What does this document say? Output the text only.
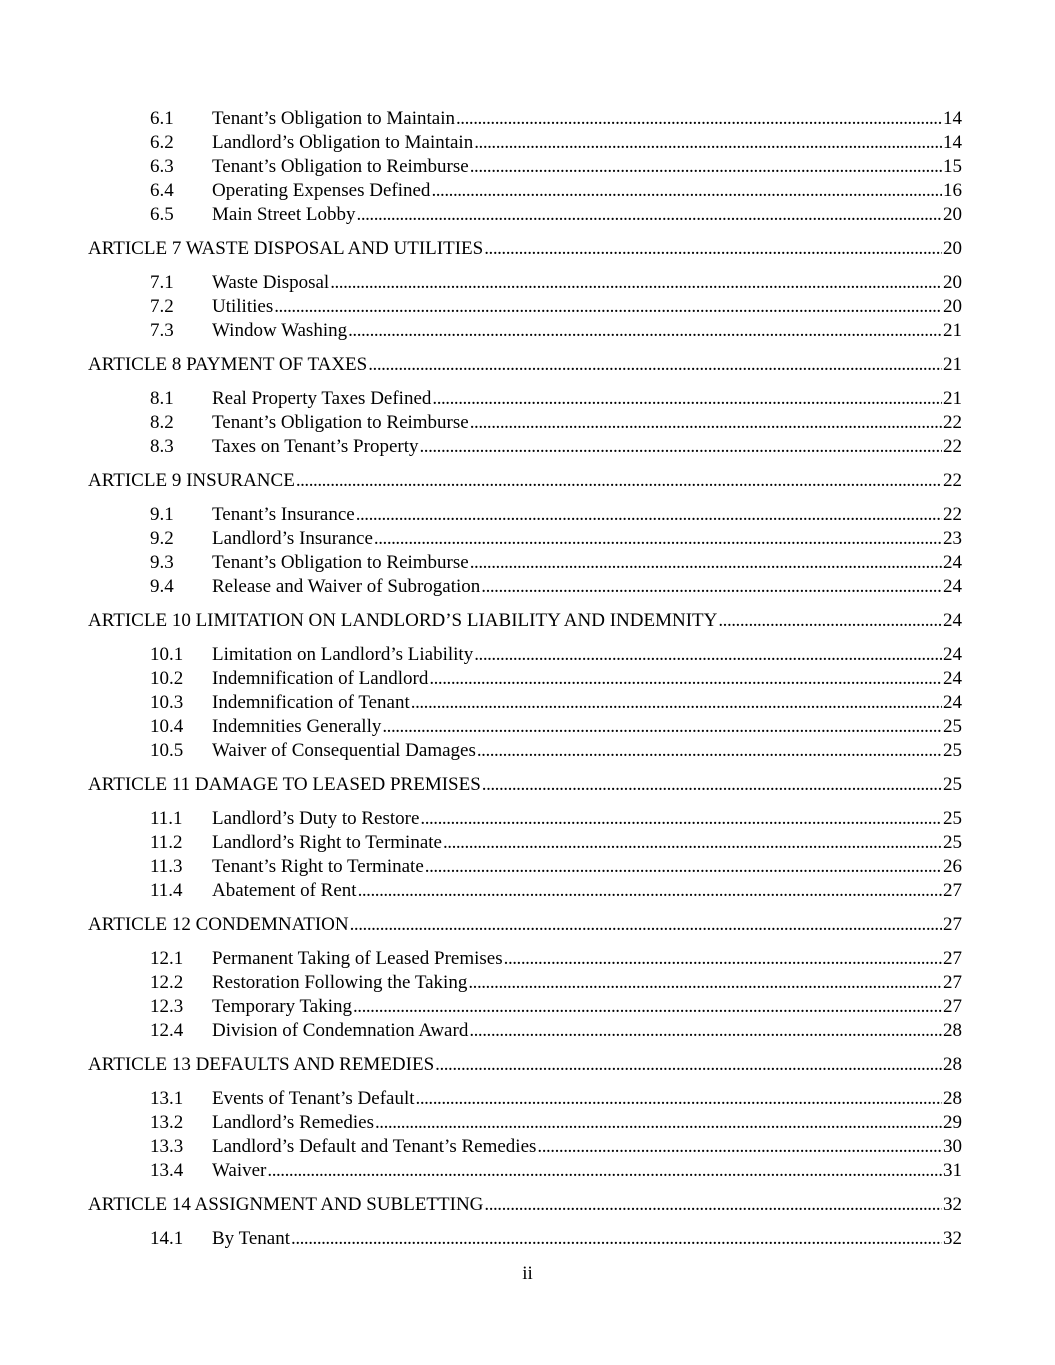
6.1	Tenant’s Obligation to Maintain . . .	14
6.2	Landlord’s Obligation to Maintain . . .	14
6.3	Tenant’s Obligation to Reimburse . . .	15
6.4	Operating Expenses Defined . . .	16
6.5	Main Street Lobby . . .	20
ARTICLE 7 WASTE DISPOSAL AND UTILITIES . . .	20
7.1	Waste Disposal . . .	20
7.2	Utilities . . .	20
7.3	Window Washing . . .	21
ARTICLE 8 PAYMENT OF TAXES . . .	21
8.1	Real Property Taxes Defined . . .	21
8.2	Tenant’s Obligation to Reimburse . . .	22
8.3	Taxes on Tenant’s Property . . .	22
ARTICLE 9 INSURANCE . . .	22
9.1	Tenant’s Insurance . . .	22
9.2	Landlord’s Insurance . . .	23
9.3	Tenant’s Obligation to Reimburse . . .	24
9.4	Release and Waiver of Subrogation . . .	24
ARTICLE 10 LIMITATION ON LANDLORD’S LIABILITY AND INDEMNITY . . .	24
10.1	Limitation on Landlord’s Liability . . .	24
10.2	Indemnification of Landlord . . .	24
10.3	Indemnification of Tenant . . .	24
10.4	Indemnities Generally . . .	25
10.5	Waiver of Consequential Damages . . .	25
ARTICLE 11 DAMAGE TO LEASED PREMISES . . .	25
11.1	Landlord’s Duty to Restore . . .	25
11.2	Landlord’s Right to Terminate . . .	25
11.3	Tenant’s Right to Terminate . . .	26
11.4	Abatement of Rent . . .	27
ARTICLE 12 CONDEMNATION . . .	27
12.1	Permanent Taking of Leased Premises . . .	27
12.2	Restoration Following the Taking . . .	27
12.3	Temporary Taking . . .	27
12.4	Division of Condemnation Award . . .	28
ARTICLE 13 DEFAULTS AND REMEDIES . . .	28
13.1	Events of Tenant’s Default . . .	28
13.2	Landlord’s Remedies . . .	29
13.3	Landlord’s Default and Tenant’s Remedies . . .	30
13.4	Waiver . . .	31
ARTICLE 14 ASSIGNMENT AND SUBLETTING . . .	32
14.1	By Tenant . . .	32
ii
